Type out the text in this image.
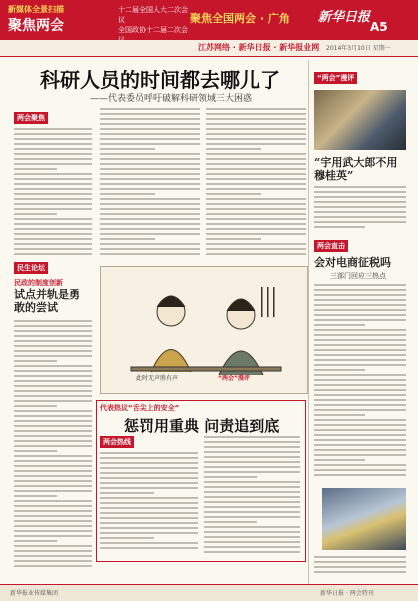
新媒体全景扫描
聚焦两会
十二届全国人大二次会议
全国政协十二届二次会
聚焦全国两会 · 广角 新华日报
A5
江苏网络 · 新华日报 · 新华报业网 2014年3月10日 星期一
科研人员的时间都去哪儿了
——代表委员呼吁破解科研领域三大困惑
两会聚焦
民生论坛
民政的制度创新
试点并轨是勇敢的尝试
此时无声胜有声	“两会”漫评
代表热议“舌尖上的安全”
惩罚用重典 问责追到底
两会热线
“两会”漫评
“宇用武大郎不用穆桂英”
两会直击
会对电商征税吗
三部门回应三热点
新华报业传媒集团	新华日报 · 两会特刊
